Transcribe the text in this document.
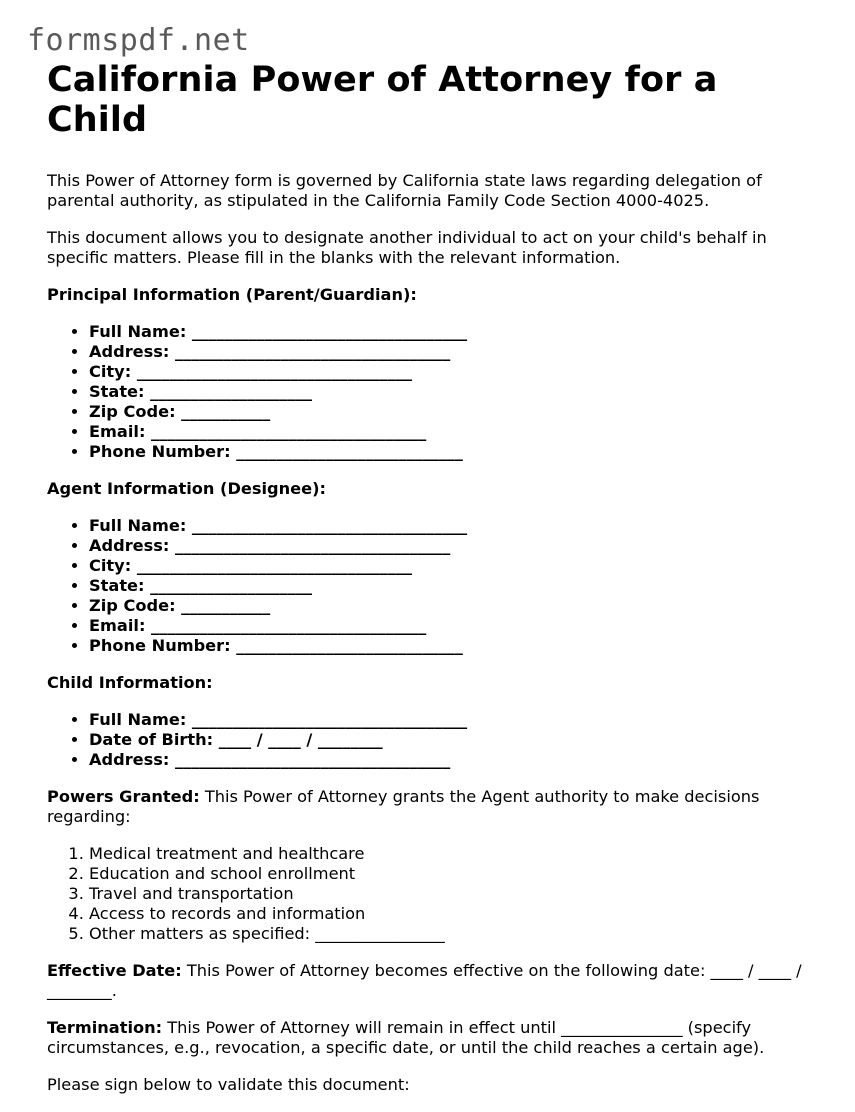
formspdf.net
California Power of Attorney for a Child

This Power of Attorney form is governed by California state laws regarding delegation of parental authority, as stipulated in the California Family Code Section 4000-4025.

This document allows you to designate another individual to act on your child's behalf in specific matters. Please fill in the blanks with the relevant information.

Principal Information (Parent/Guardian):

• Full Name: __________________________________
• Address: __________________________________
• City: __________________________________
• State: ____________________
• Zip Code: ___________
• Email: __________________________________
• Phone Number: ____________________________

Agent Information (Designee):

• Full Name: __________________________________
• Address: __________________________________
• City: __________________________________
• State: ____________________
• Zip Code: ___________
• Email: __________________________________
• Phone Number: ____________________________

Child Information:

• Full Name: __________________________________
• Date of Birth: ____ / ____ / ________
• Address: __________________________________

Powers Granted: This Power of Attorney grants the Agent authority to make decisions regarding:

1. Medical treatment and healthcare
2. Education and school enrollment
3. Travel and transportation
4. Access to records and information
5. Other matters as specified: ________________

Effective Date: This Power of Attorney becomes effective on the following date: ____ / ____ / ________.

Termination: This Power of Attorney will remain in effect until _______________ (specify circumstances, e.g., revocation, a specific date, or until the child reaches a certain age).

Please sign below to validate this document:
